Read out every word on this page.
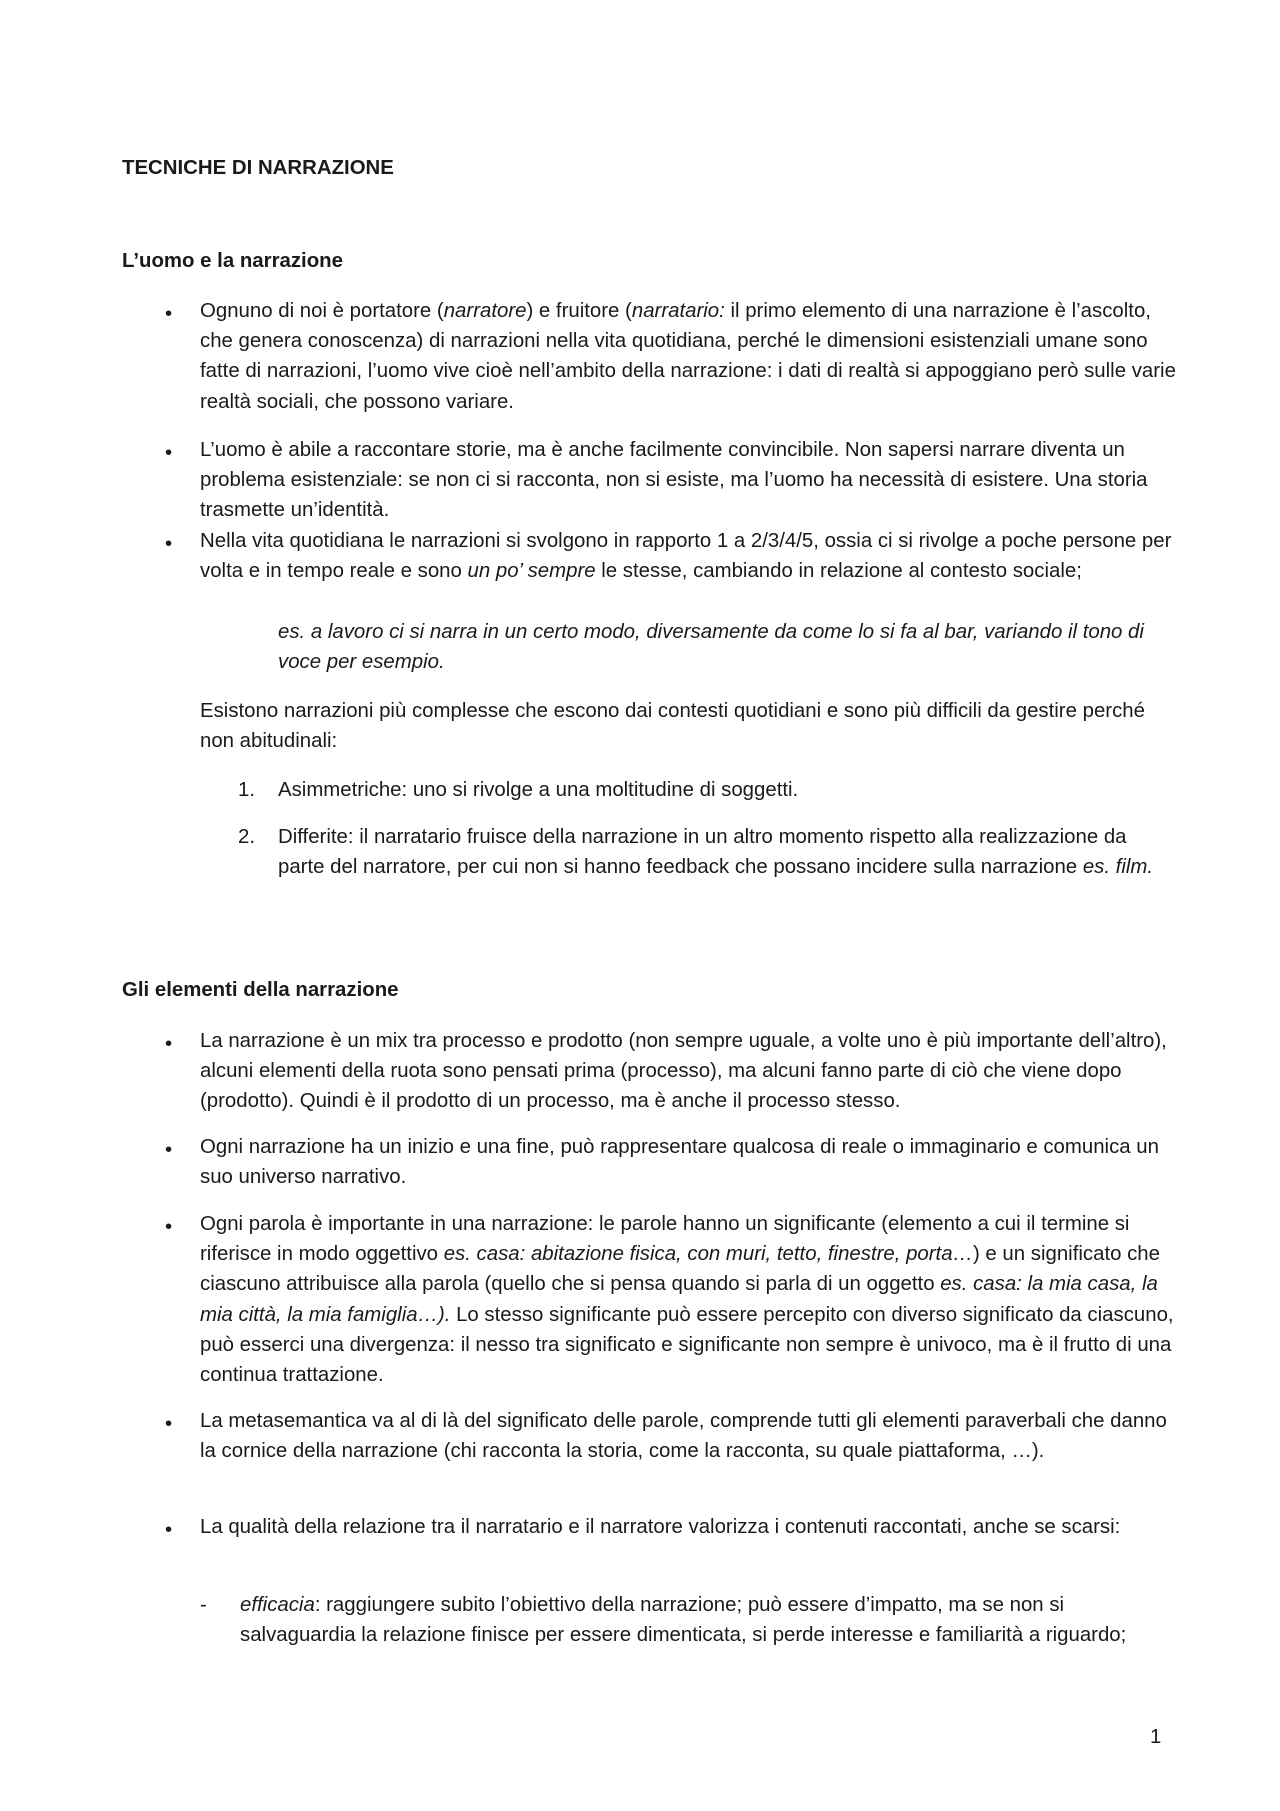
TECNICHE DI NARRAZIONE
L’uomo e la narrazione
• Ognuno di noi è portatore (narratore) e fruitore (narratario: il primo elemento di una narrazione è l’ascolto, che genera conoscenza) di narrazioni nella vita quotidiana, perché le dimensioni esistenziali umane sono fatte di narrazioni, l’uomo vive cioè nell’ambito della narrazione: i dati di realtà si appoggiano però sulle varie realtà sociali, che possono variare.

• L’uomo è abile a raccontare storie, ma è anche facilmente convincibile. Non sapersi narrare diventa un problema esistenziale: se non ci si racconta, non si esiste, ma l’uomo ha necessità di esistere. Una storia trasmette un’identità.

• Nella vita quotidiana le narrazioni si svolgono in rapporto 1 a 2/3/4/5, ossia ci si rivolge a poche persone per volta e in tempo reale e sono un po’ sempre le stesse, cambiando in relazione al contesto sociale;

es. a lavoro ci si narra in un certo modo, diversamente da come lo si fa al bar, variando il tono di voce per esempio.

Esistono narrazioni più complesse che escono dai contesti quotidiani e sono più difficili da gestire perché non abitudinali:

1. Asimmetriche: uno si rivolge a una moltitudine di soggetti.

2. Differite: il narratario fruisce della narrazione in un altro momento rispetto alla realizzazione da parte del narratore, per cui non si hanno feedback che possano incidere sulla narrazione es. film.

Gli elementi della narrazione
• La narrazione è un mix tra processo e prodotto (non sempre uguale, a volte uno è più importante dell’altro), alcuni elementi della ruota sono pensati prima (processo), ma alcuni fanno parte di ciò che viene dopo (prodotto). Quindi è il prodotto di un processo, ma è anche il processo stesso.

• Ogni narrazione ha un inizio e una fine, può rappresentare qualcosa di reale o immaginario e comunica un suo universo narrativo.

• Ogni parola è importante in una narrazione: le parole hanno un significante (elemento a cui il termine si riferisce in modo oggettivo es. casa: abitazione fisica, con muri, tetto, finestre, porta…) e un significato che ciascuno attribuisce alla parola (quello che si pensa quando si parla di un oggetto es. casa: la mia casa, la mia città, la mia famiglia…). Lo stesso significante può essere percepito con diverso significato da ciascuno, può esserci una divergenza: il nesso tra significato e significante non sempre è univoco, ma è il frutto di una continua trattazione.

• La metasemantica va al di là del significato delle parole, comprende tutti gli elementi paraverbali che danno la cornice della narrazione (chi racconta la storia, come la racconta, su quale piattaforma, …).

• La qualità della relazione tra il narratario e il narratore valorizza i contenuti raccontati, anche se scarsi:

- efficacia: raggiungere subito l’obiettivo della narrazione; può essere d’impatto, ma se non si salvaguardia la relazione finisce per essere dimenticata, si perde interesse e familiarità a riguardo;

1
